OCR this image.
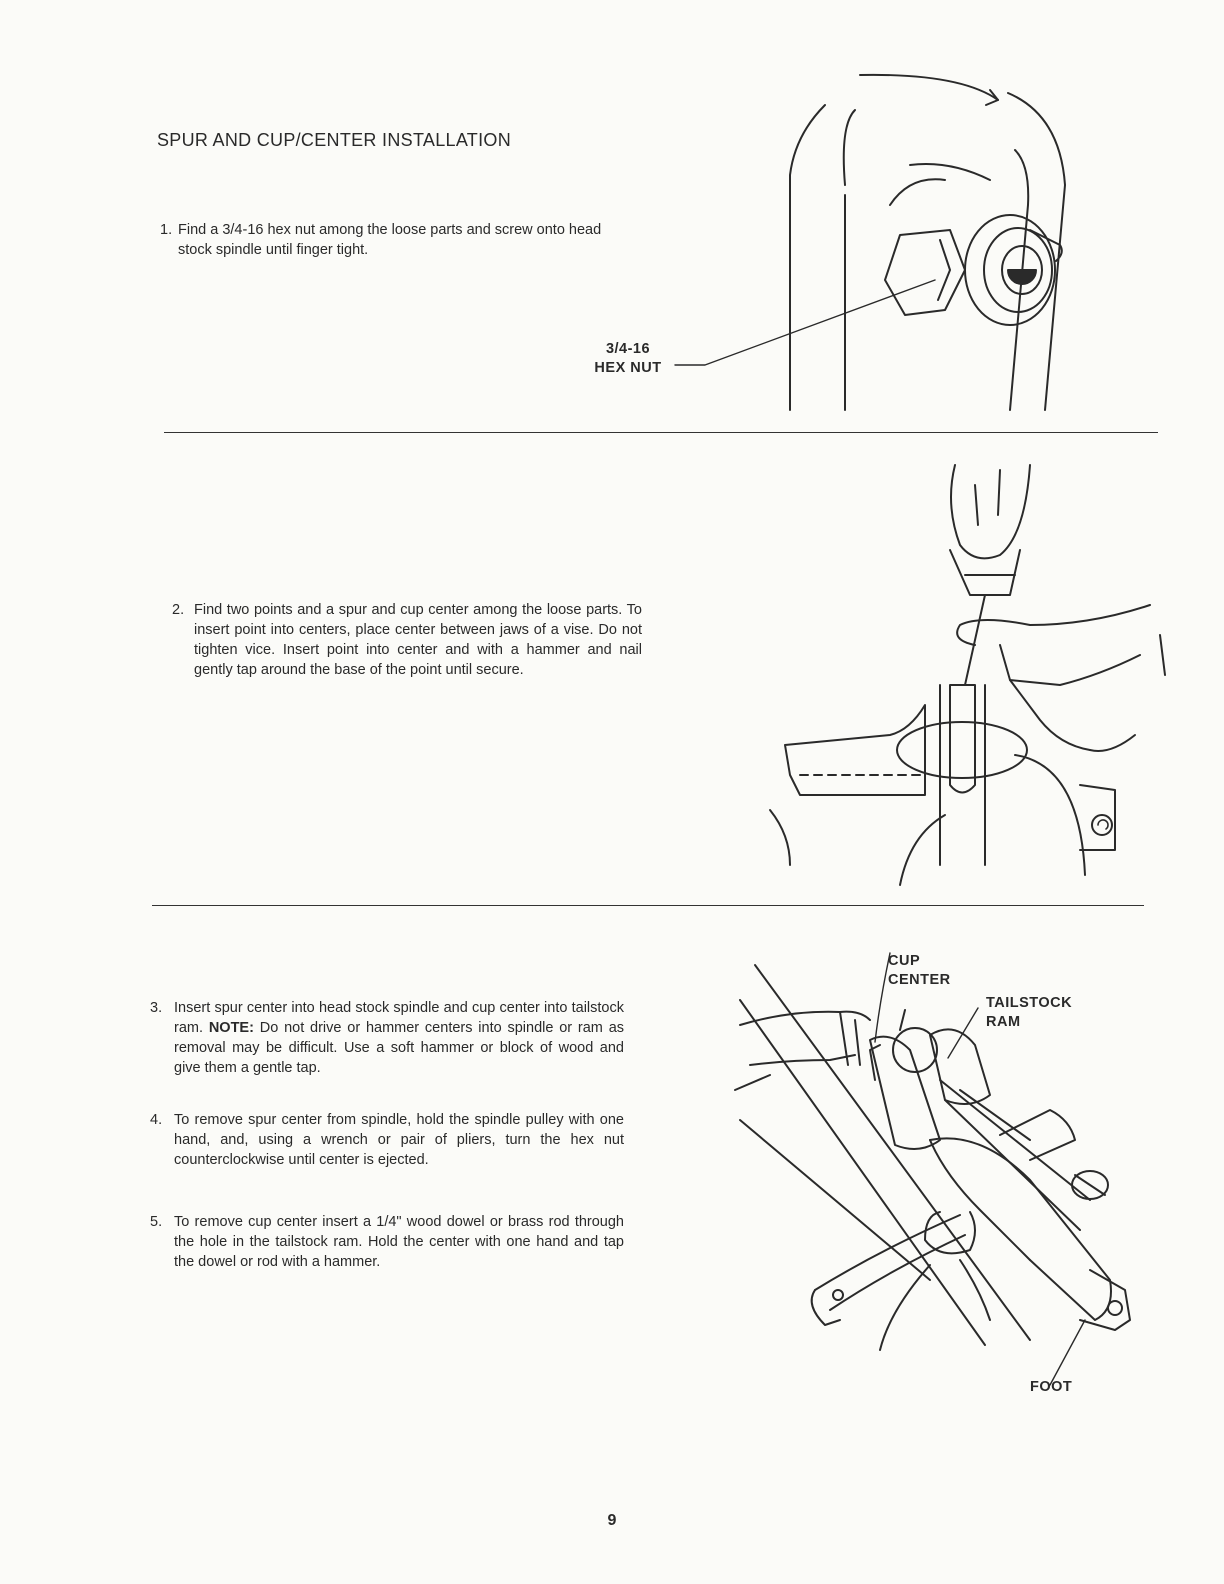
SPUR AND CUP/CENTER INSTALLATION
1. Find a 3/4-16 hex nut among the loose parts and screw onto head stock spindle until finger tight.
3/4-16
HEX NUT
2. Find two points and a spur and cup center among the loose parts. To insert point into centers, place center between jaws of a vise. Do not tighten vice. Insert point into center and with a hammer and nail gently tap around the base of the point until secure.
3. Insert spur center into head stock spindle and cup center into tailstock ram. NOTE: Do not drive or hammer centers into spindle or ram as removal may be difficult. Use a soft hammer or block of wood and give them a gentle tap.
4. To remove spur center from spindle, hold the spindle pulley with one hand, and, using a wrench or pair of pliers, turn the hex nut counterclockwise until center is ejected.
5. To remove cup center insert a 1/4" wood dowel or brass rod through the hole in the tailstock ram. Hold the center with one hand and tap the dowel or rod with a hammer.
CUP
CENTER
TAILSTOCK
RAM
FOOT
9
